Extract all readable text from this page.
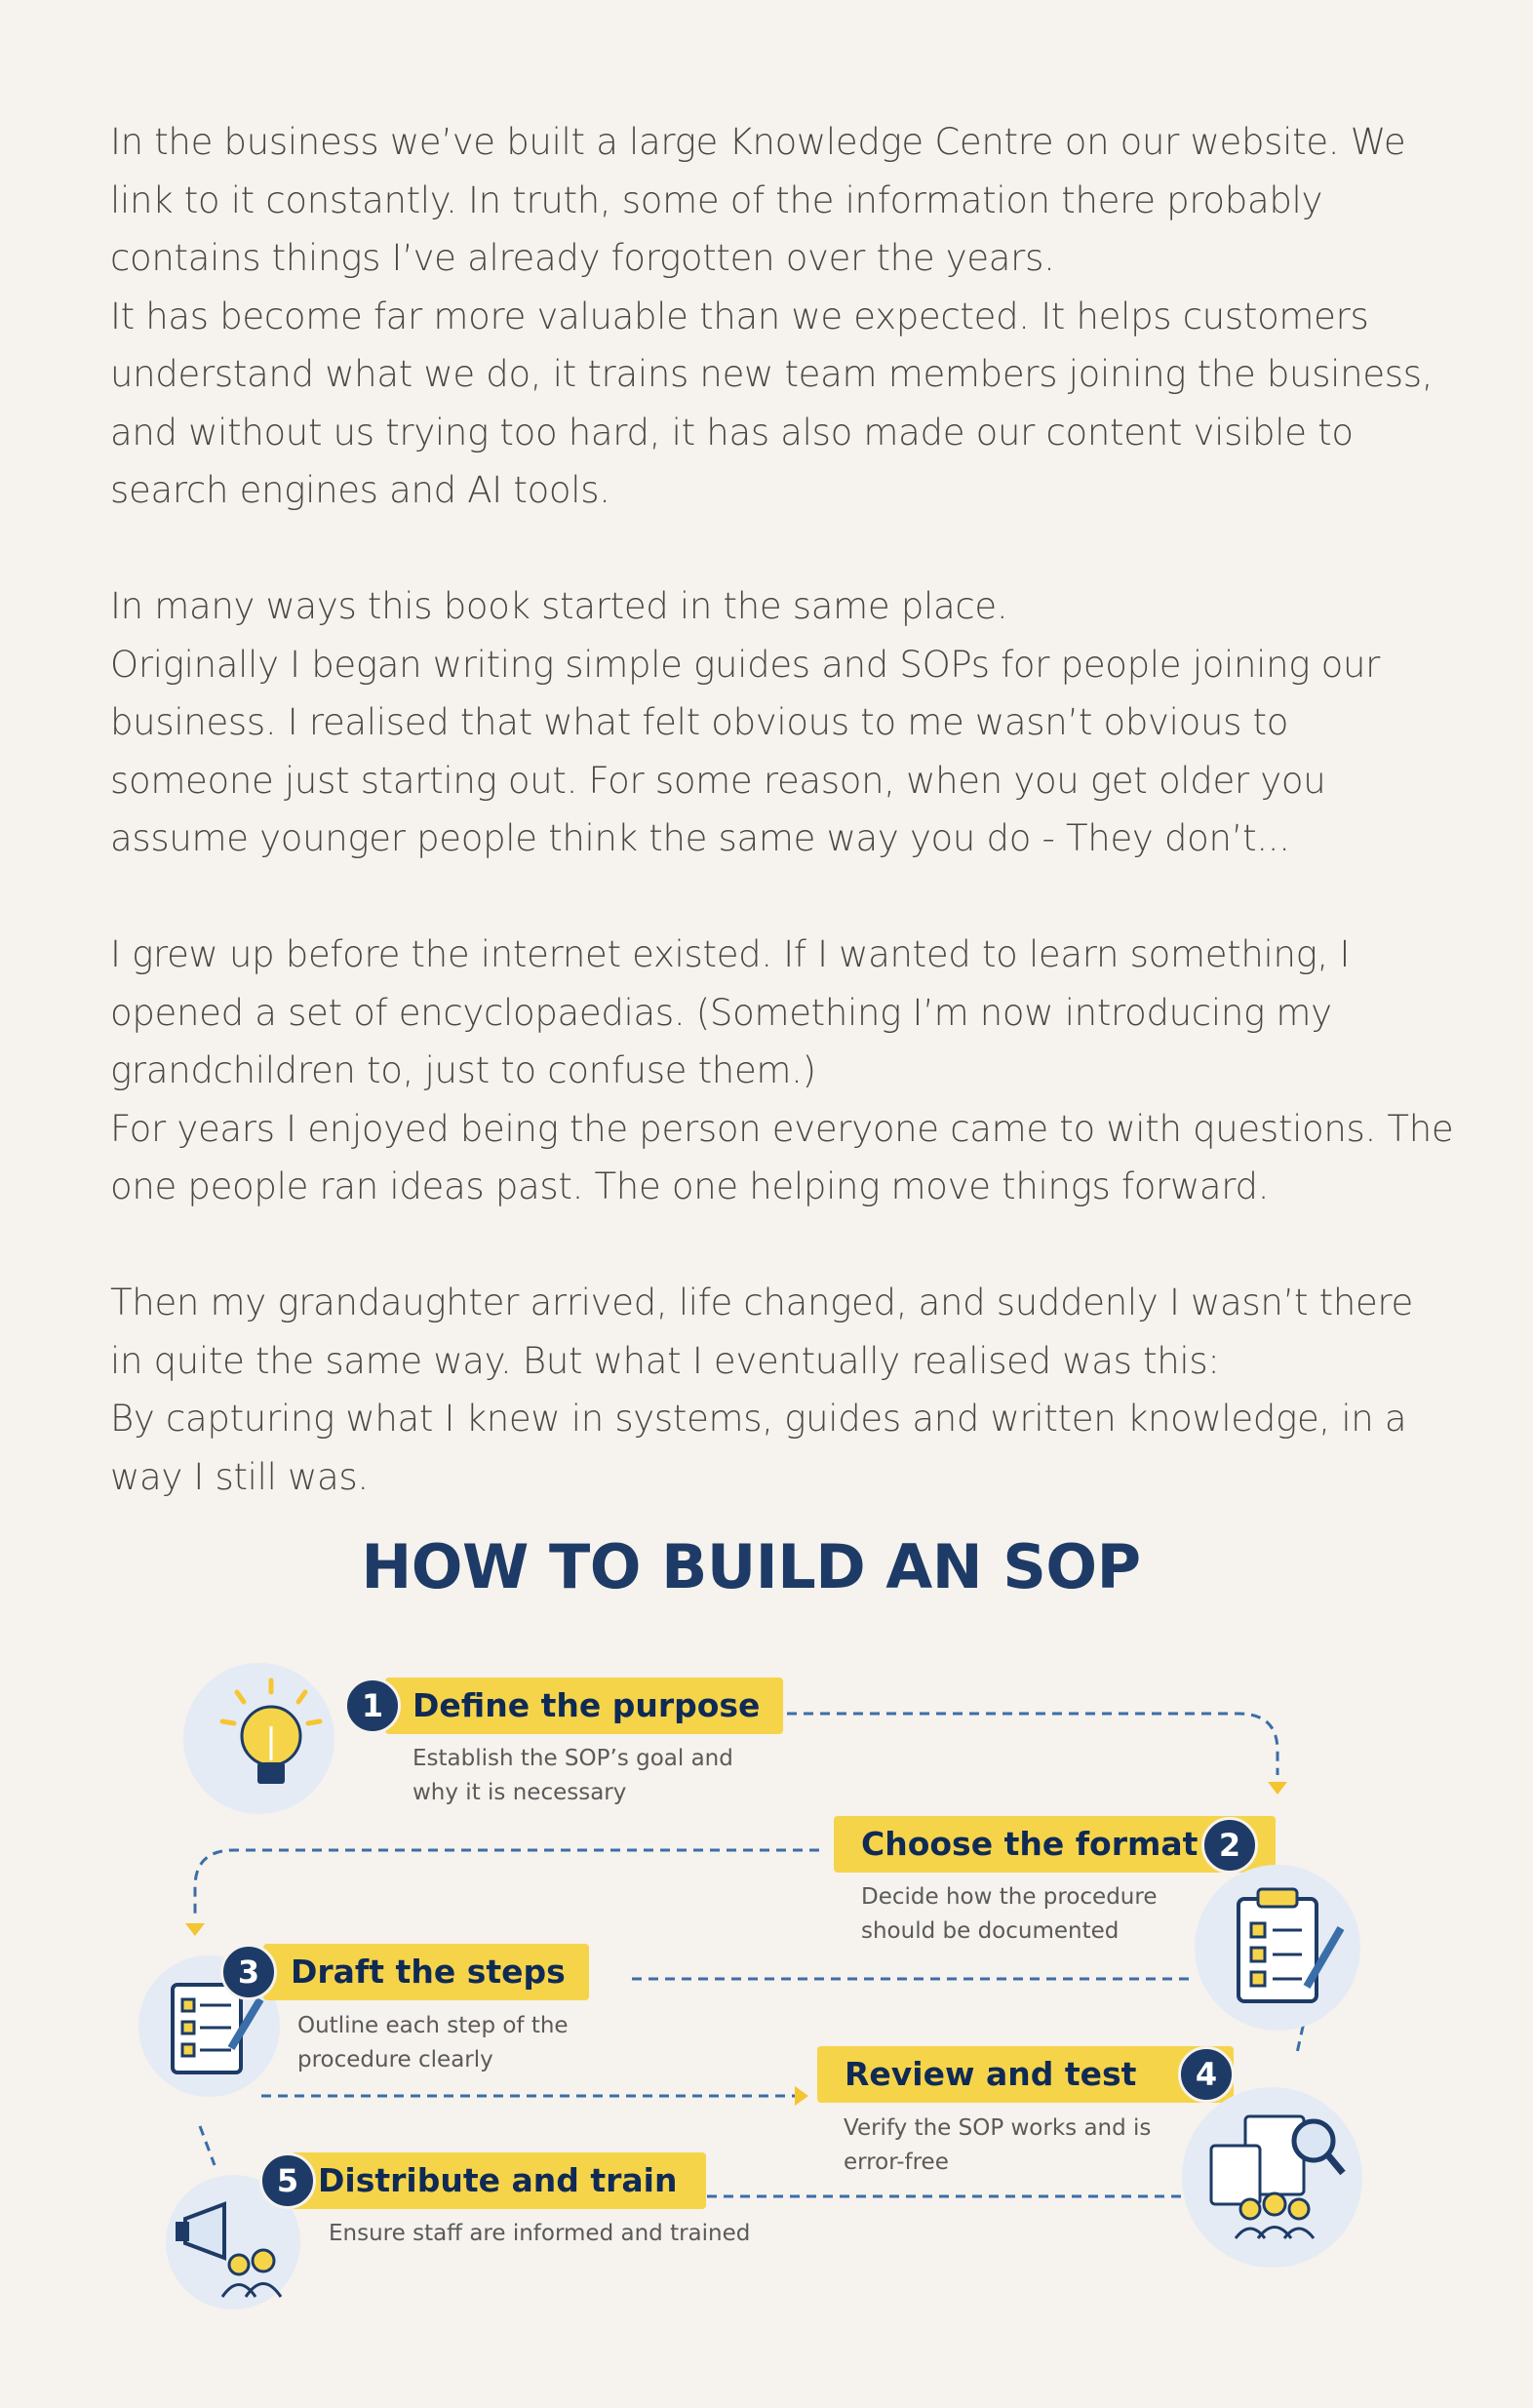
In the business we’ve built a large Knowledge Centre on our website. We link to it constantly. In truth, some of the information there probably contains things I’ve already forgotten over the years.

It has become far more valuable than we expected. It helps customers understand what we do, it trains new team members joining the business, and without us trying too hard, it has also made our content visible to search engines and AI tools.

In many ways this book started in the same place.

Originally I began writing simple guides and SOPs for people joining our business. I realised that what felt obvious to me wasn’t obvious to someone just starting out. For some reason, when you get older you assume younger people think the same way you do - They don’t...

I grew up before the internet existed. If I wanted to learn something, I opened a set of encyclopaedias. (Something I’m now introducing my grandchildren to, just to confuse them.)

For years I enjoyed being the person everyone came to with questions. The one people ran ideas past. The one helping move things forward.

Then my grandaughter arrived, life changed, and suddenly I wasn’t there in quite the same way. But what I eventually realised was this:

By capturing what I knew in systems, guides and written knowledge, in a way I still was.

HOW TO BUILD AN SOP
Define the purpose
1
Establish the SOP’s goal and why it is necessary
Choose the format 2
Decide how the procedure should be documented
Draft the steps
3
Outline each step of the procedure clearly	Review and test	4
Verify the SOP works and is error-free
Distribute and train
5
Ensure staff are informed and trained
